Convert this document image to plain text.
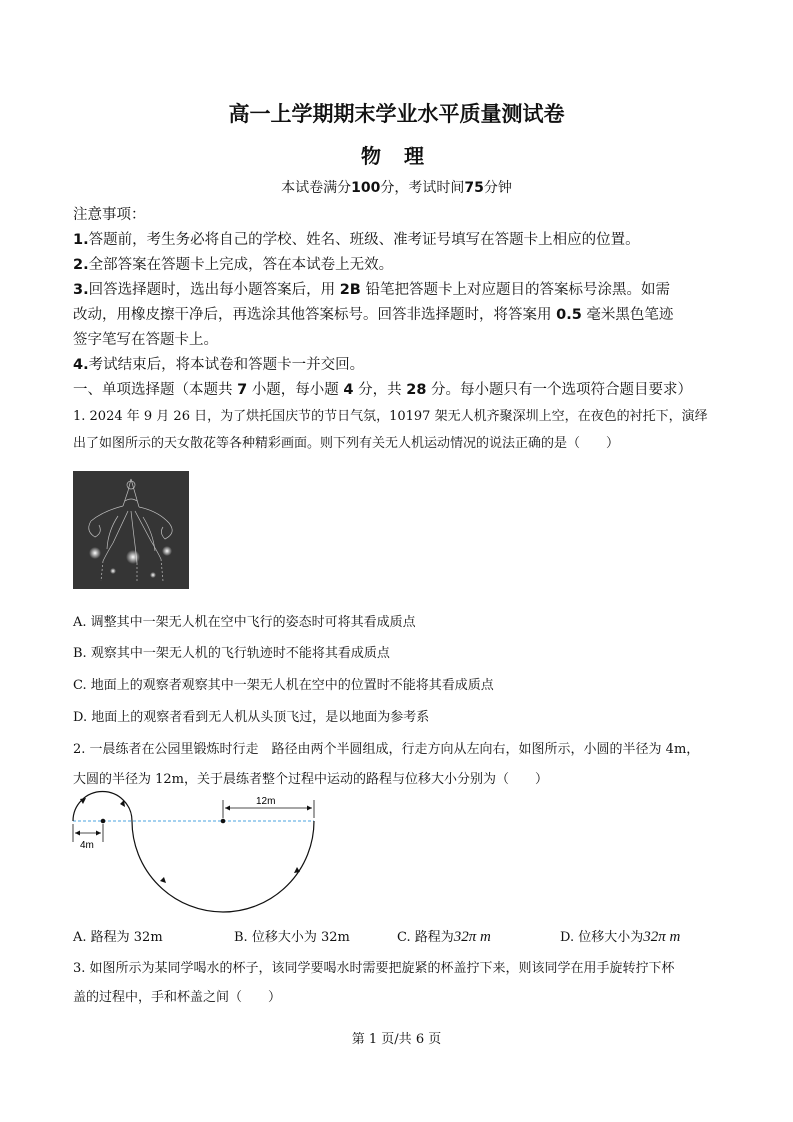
高一上学期期末学业水平质量测试卷
物 理
本试卷满分100分，考试时间75分钟
注意事项：
1.答题前，考生务必将自己的学校、姓名、班级、准考证号填写在答题卡上相应的位置。
2.全部答案在答题卡上完成，答在本试卷上无效。
3.回答选择题时，选出每小题答案后，用 2B 铅笔把答题卡上对应题目的答案标号涂黑。如需
改动，用橡皮擦干净后，再选涂其他答案标号。回答非选择题时，将答案用 0.5 毫米黑色笔迹
签字笔写在答题卡上。
4.考试结束后，将本试卷和答题卡一并交回。
一、单项选择题（本题共 7 小题，每小题 4 分，共 28 分。每小题只有一个选项符合题目要求）
1. 2024 年 9 月 26 日，为了烘托国庆节的节日气氛，10197 架无人机齐聚深圳上空，在夜色的衬托下，演绎
出了如图所示的天女散花等各种精彩画面。则下列有关无人机运动情况的说法正确的是（　　）
A. 调整其中一架无人机在空中飞行的姿态时可将其看成质点
B. 观察其中一架无人机的飞行轨迹时不能将其看成质点
C. 地面上的观察者观察其中一架无人机在空中的位置时不能将其看成质点
D. 地面上的观察者看到无人机从头顶飞过，是以地面为参考系
2. 一晨练者在公园里锻炼时行走　路径由两个半圆组成，行走方向从左向右，如图所示，小圆的半径为 4m，
大圆的半径为 12m，关于晨练者整个过程中运动的路程与位移大小分别为（　　）
12m
4m
A. 路程为 32m	B. 位移大小为 32m	C. 路程为32π m	D. 位移大小为32π m
3. 如图所示为某同学喝水的杯子，该同学要喝水时需要把旋紧的杯盖拧下来，则该同学在用手旋转拧下杯
盖的过程中，手和杯盖之间（　　）
第 1 页/共 6 页
